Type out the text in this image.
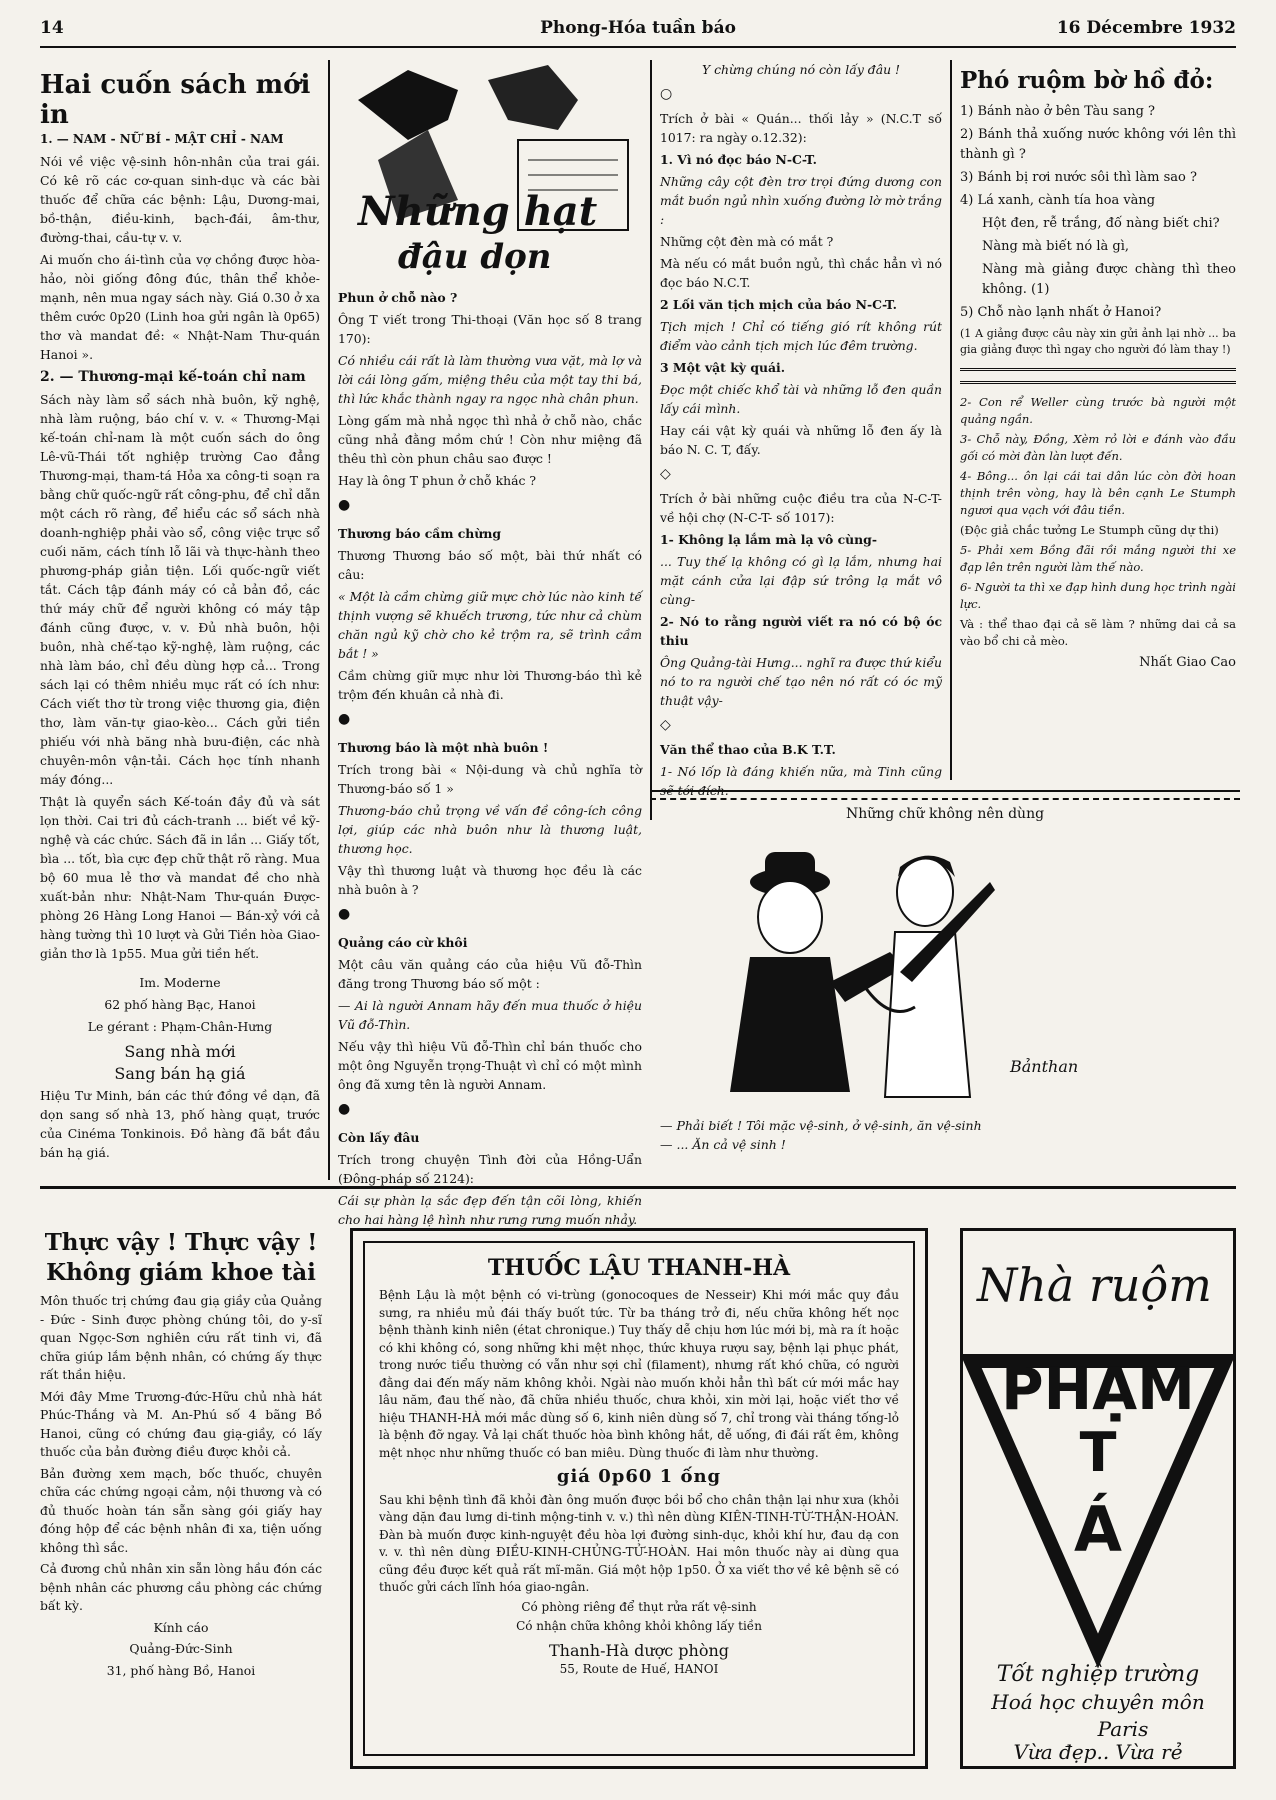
14	Phong-Hóa tuần báo	16 Décembre 1932
Hai cuốn sách mới in

1. — NAM - NỮ BÍ - MẬT CHỈ - NAM

Nói về việc vệ-sinh hôn-nhân của trai gái. Có kê rõ các cơ-quan sinh-dục và các bài thuốc để chữa các bệnh: Lậu, Dương-mai, bồ-thận, điều-kinh, bạch-đái, âm-thư, đường-thai, cầu-tự v. v.

Ai muốn cho ái-tình của vợ chồng được hòa-hảo, nòi giống đông đúc, thân thể khỏe-mạnh, nên mua ngay sách này. Giá 0.30 ở xa thêm cước 0p20 (Linh hoa gửi ngân là 0p65) thơ và mandat đề: « Nhật-Nam Thư-quán Hanoi ».

2. — Thương-mại kế-toán chỉ nam

Sách này làm sổ sách nhà buôn, kỹ nghệ, nhà làm ruộng, báo chí v. v. « Thương-Mại kế-toán chỉ-nam là một cuốn sách do ông Lê-vũ-Thái tốt nghiệp trường Cao đẳng Thương-mại, tham-tá Hỏa xa công-ti soạn ra bằng chữ quốc-ngữ rất công-phu, để chỉ dẫn một cách rõ ràng, để hiểu các sổ sách nhà doanh-nghiệp phải vào sổ, công việc trực sổ cuối năm, cách tính lỗ lãi và thực-hành theo phương-pháp giản tiện. Lối quốc-ngữ viết tắt. Cách tập đánh máy có cả bản đồ, các thứ máy chữ để người không có máy tập đánh cũng được, v. v. Đủ nhà buôn, hội buôn, nhà chế-tạo kỹ-nghệ, làm ruộng, các nhà làm báo, chỉ đều dùng hợp cả... Trong sách lại có thêm nhiều mục rất có ích như: Cách viết thơ từ trong việc thương gia, điện thơ, làm văn-tự giao-kèo... Cách gửi tiền phiếu với nhà băng nhà bưu-điện, các nhà chuyên-môn vận-tải. Cách học tính nhanh máy đóng...

Thật là quyển sách Kế-toán đầy đủ và sát lọn thời. Cai tri đủ cách-tranh ... biết về kỹ-nghệ và các chức. Sách đã in lần ... Giấy tốt, bìa ... tốt, bìa cực đẹp chữ thật rõ ràng. Mua bộ 60 mua lẻ thơ và mandat đề cho nhà xuất-bản như: Nhật-Nam Thư-quán Được-phòng 26 Hàng Long Hanoi — Bán-xỷ với cả hàng tường thì 10 lượt và Gửi Tiền hòa Giao-giản thơ là 1p55. Mua gửi tiền hết.

Im. Moderne

62 phố hàng Bạc, Hanoi

Le gérant : Phạm-Chân-Hưng

Sang nhà mới

Sang bán hạ giá

Hiệu Tư Minh, bán các thứ đồng về dạn, đã dọn sang số nhà 13, phố hàng quạt, trước của Cinéma Tonkinois. Đồ hàng đã bắt đầu bán hạ giá.

Những hạt
đậu dọn

Phun ở chỗ nào ?

Ông T viết trong Thi-thoại (Văn học số 8 trang 170):

Có nhiều cái rất là làm thường vưa vặt, mà lợ và lời cái lòng gấm, miệng thêu của một tay thi bá, thì lức khắc thành ngay ra ngọc nhà chân phun.

Lòng gấm mà nhả ngọc thì nhả ở chỗ nào, chắc cũng nhả đằng mồm chứ ! Còn như miệng đã thêu thì còn phun châu sao được !

Hay là ông T phun ở chỗ khác ?

●

Thương báo cầm chừng

Thương Thương báo số một, bài thứ nhất có câu:

« Một là cầm chừng giữ mực chờ lúc nào kinh tế thịnh vượng sẽ khuếch trương, tức như cả chùm chăn ngủ kỹ chờ cho kẻ trộm ra, sẽ trình cầm bắt ! »

Cầm chừng giữ mực như lời Thương-báo thì kẻ trộm đến khuân cả nhà đi.

●

Thương báo là một nhà buôn !

Trích trong bài « Nội-dung và chủ nghĩa tờ Thương-báo số 1 »

Thương-báo chủ trọng về vấn đề công-ích công lợi, giúp các nhà buôn như là thương luật, thương học.

Vậy thì thương luật và thương học đều là các nhà buôn à ?

●

Quảng cáo cừ khôi

Một câu văn quảng cáo của hiệu Vũ đỗ-Thìn đăng trong Thương báo số một :

— Ai là người Annam hãy đến mua thuốc ở hiệu Vũ đỗ-Thìn.

Nếu vậy thì hiệu Vũ đỗ-Thìn chỉ bán thuốc cho một ông Nguyễn trọng-Thuật vì chỉ có một mình ông đã xưng tên là người Annam.

●

Còn lấy đâu

Trích trong chuyện Tình đời của Hồng-Uẩn (Đông-pháp số 2124):

Cái sự phàn lạ sắc đẹp đến tận cõi lòng, khiến cho hai hàng lệ hình như rưng rưng muốn nhảy.

Y chừng chúng nó còn lấy đâu !

○

Trích ở bài « Quán... thối lảy » (N.C.T số 1017: ra ngày o.12.32):

1. Vì nó đọc báo N-C-T.

Những cây cột đèn trơ trọi đứng dương con mắt buồn ngủ nhìn xuống đường lờ mờ trắng :

Những cột đèn mà có mắt ?

Mà nếu có mắt buồn ngủ, thì chắc hẳn vì nó đọc báo N.C.T.

2 Lối văn tịch mịch của báo N-C-T.

Tịch mịch ! Chỉ có tiếng gió rít không rút điểm vào cảnh tịch mịch lúc đêm trường.

3 Một vật kỳ quái.

Đọc một chiếc khổ tài và những lỗ đen quần lấy cái mình.

Hay cái vật kỳ quái và những lỗ đen ấy là báo N. C. T, đấy.

◇

Trích ở bài những cuộc điều tra của N-C-T- về hội chợ (N-C-T- số 1017):

1- Không lạ lắm mà lạ vô cùng-

... Tuy thế lạ không có gì lạ lắm, nhưng hai mặt cánh cửa lại đập sứ trông lạ mắt vô cùng-

2- Nó to rằng người viết ra nó có bộ óc thiu

Ông Quảng-tài Hưng... nghĩ ra được thứ kiểu nó to ra người chế tạo nên nó rất có óc mỹ thuật vậy-

◇

Văn thể thao của B.K T.T.

1- Nó lốp là đáng khiến nữa, mà Tinh cũng sẽ tới đích.

Phó ruộm bờ hồ đỏ:

1) Bánh nào ở bên Tàu sang ?

2) Bánh thả xuống nước không với lên thì thành gì ?

3) Bánh bị rơi nước sôi thì làm sao ?

4) Lá xanh, cành tía hoa vàng

Hột đen, rễ trắng, đố nàng biết chi?

Nàng mà biết nó là gì,

Nàng mà giảng được chàng thì theo không. (1)

5) Chỗ nào lạnh nhất ở Hanoi?

(1 A giảng được câu này xin gửi ảnh lại nhờ ... ba gia giảng được thì ngay cho người đó làm thay !)

2- Con rể Weller cùng trước bà người một quảng ngần.

3- Chỗ này, Đồng, Xèm rỏ lời e đánh vào đầu gối có mời đàn làn lượt đến.

4- Bông... ôn lại cái tai dân lúc còn đời hoan thịnh trên vòng, hay là bên cạnh Le Stumph ngươi qua vạch với đâu tiền.

(Độc giả chắc tưởng Le Stumph cũng dự thi)

5- Phải xem Bồng đãi rồi mắng người thi xe đạp lên trên người làm thế nào.

6- Người ta thì xe đạp hình dung học trình ngài lực.

Và : thể thao đại cả sẽ làm ? những dai cả sa vào bổ chi cả mèo.

Nhất Giao Cao

Những chữ không nên dùng
Bảnthan
— Phải biết ! Tôi mặc vệ-sinh, ở vệ-sinh, ăn vệ-sinh
— ... Ăn cả vệ sinh !
Thực vậy ! Thực vậy !
Không giám khoe tài

Môn thuốc trị chứng đau giạ giầy của Quảng - Đức - Sinh được phòng chúng tôi, do y-sĩ quan Ngọc-Sơn nghiên cứu rất tinh vi, đã chữa giúp lắm bệnh nhân, có chứng ấy thực rất thần hiệu.

Mới đây Mme Trương-đức-Hữu chủ nhà hát Phúc-Thắng và M. An-Phú số 4 bãng Bồ Hanoi, cũng có chứng đau giạ-giầy, có lấy thuốc của bản đường điều được khỏi cả.

Bản đường xem mạch, bốc thuốc, chuyên chữa các chứng ngoại cảm, nội thương và có đủ thuốc hoàn tán sẵn sàng gói giấy hay đóng hộp để các bệnh nhân đi xa, tiện uống không thì sắc.

Cả đương chủ nhân xin sẵn lòng hầu đón các bệnh nhân các phương cầu phòng các chứng bất kỳ.

Kính cáo

Quảng-Đức-Sinh

31, phố hàng Bồ, Hanoi

THUỐC LẬU THANH-HÀ

Bệnh Lậu là một bệnh có vi-trùng (gonocoques de Nesseir) Khi mới mắc quy đầu sưng, ra nhiều mủ đái thấy buốt tức. Từ ba tháng trở đi, nếu chữa không hết nọc bệnh thành kinh niên (état chronique.) Tuy thấy dễ chịu hơn lúc mới bị, mà ra ít hoặc có khi không có, song những khi mệt nhọc, thức khuya rượu say, bệnh lại phục phát, trong nước tiểu thường có vẫn như sợi chỉ (filament), nhưng rất khó chữa, có người đằng dai đến mấy năm không khỏi. Ngài nào muốn khỏi hẳn thì bất cứ mới mắc hay lâu năm, đau thế nào, đã chữa nhiều thuốc, chưa khỏi, xin mời lại, hoặc viết thơ về hiệu THANH-HÀ mới mắc dùng số 6, kinh niên dùng số 7, chỉ trong vài tháng tống-lỏ là bệnh đỡ ngay. Vả lại chất thuốc hòa bình không hắt, dễ uống, đi đái rất êm, không mệt nhọc như những thuốc có ban miêu. Dùng thuốc đi làm như thường.

giá 0p60 1 ống

Sau khi bệnh tình đã khỏi đàn ông muốn được bồi bổ cho chân thận lại như xưa (khỏi vàng dặn đau lưng di-tinh mộng-tinh v. v.) thì nên dùng KIÊN-TINH-TỪ-THẬN-HOÀN. Đàn bà muốn được kinh-nguyệt đều hòa lợi đường sinh-dục, khỏi khí hư, đau dạ con v. v. thì nên dùng ĐIỀU-KINH-CHỦNG-TỬ-HOÀN. Hai môn thuốc này ai dùng qua cũng đều được kết quả rất mĩ-mãn. Giá một hộp 1p50. Ở xa viết thơ về kê bệnh sẽ có thuốc gửi cách lĩnh hóa giao-ngân.

Có phòng riêng để thụt rửa rất vệ-sinh

Có nhận chữa không khỏi không lấy tiền

Thanh-Hà dược phòng

55, Route de Huế, HANOI

Nhà ruộm
PHẠM
T
Á
Tốt nghiệp trường
Hoá học chuyên môn
Paris
Vừa đẹp.. Vừa rẻ
